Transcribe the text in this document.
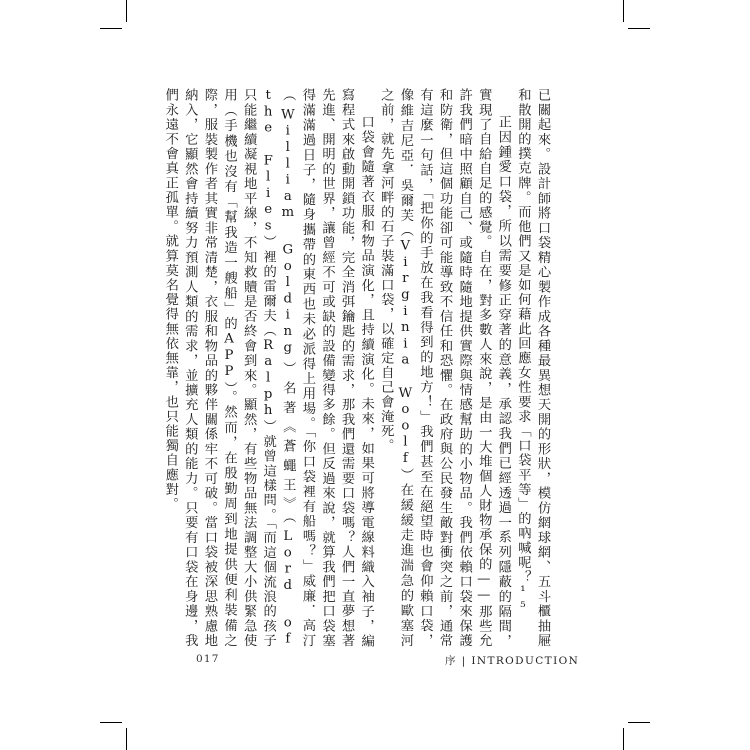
已關起來。設計師將口袋精心製作成各種最異想天開的形狀，模仿網球網、五斗櫃抽屜和散開的撲克牌。而他們又是如何藉此回應女性要求「口袋平等」的吶喊呢？¹⁵

正因鍾愛口袋，所以需要修正穿著的意義，承認我們已經透過一系列隱蔽的隔間，實現了自給自足的感覺。自在，對多數人來說，是由一大堆個人財物承保的——那些允許我們暗中照顧自己、或隨時隨地提供實際與情感幫助的小物品。我們依賴口袋來保護和防衛，但這個功能卻可能導致不信任和恐懼。在政府與公民發生敵對衝突之前，通常有這麼一句話，「把你的手放在我看得到的地方！」我們甚至在絕望時也會仰賴口袋，像維吉尼亞．吳爾芙（Virginia Woolf）在緩緩走進湍急的歐塞河之前，就先拿河畔的石子裝滿口袋，以確定自己會淹死。

口袋會隨著衣服和物品演化，且持續演化。未來，如果可將導電線料織入袖子，編寫程式來啟動開鎖功能，完全消弭鑰匙的需求，那我們還需要口袋嗎？人們一直夢想著先進、開明的世界，讓曾經不可或缺的設備變得多餘。但反過來說，就算我們把口袋塞得滿滿過日子，隨身攜帶的東西也未必派得上用場。「你口袋裡有船嗎？」威廉．高汀（William Golding）名著《蒼蠅王》（Lord of the Flies）裡的雷爾夫（Ralph）就曾這樣問。「而這個流浪的孩子只能繼續凝視地平線，不知救贖是否終會到來。顯然，有些物品無法調整大小供緊急使用（手機也沒有「幫我造一艘船」的APP）。然而，在殷勤周到地提供便利裝備之際，服裝製作者其實非常清楚，衣服和物品的夥伴關係牢不可破。當口袋被深思熟慮地納入，它顯然會持續努力預測人類的需求，並擴充人類的能力。只要有口袋在身邊，我們永遠不會真正孤單。就算莫名覺得無依無靠，也只能獨自應對。

017	序 | INTRODUCTION
